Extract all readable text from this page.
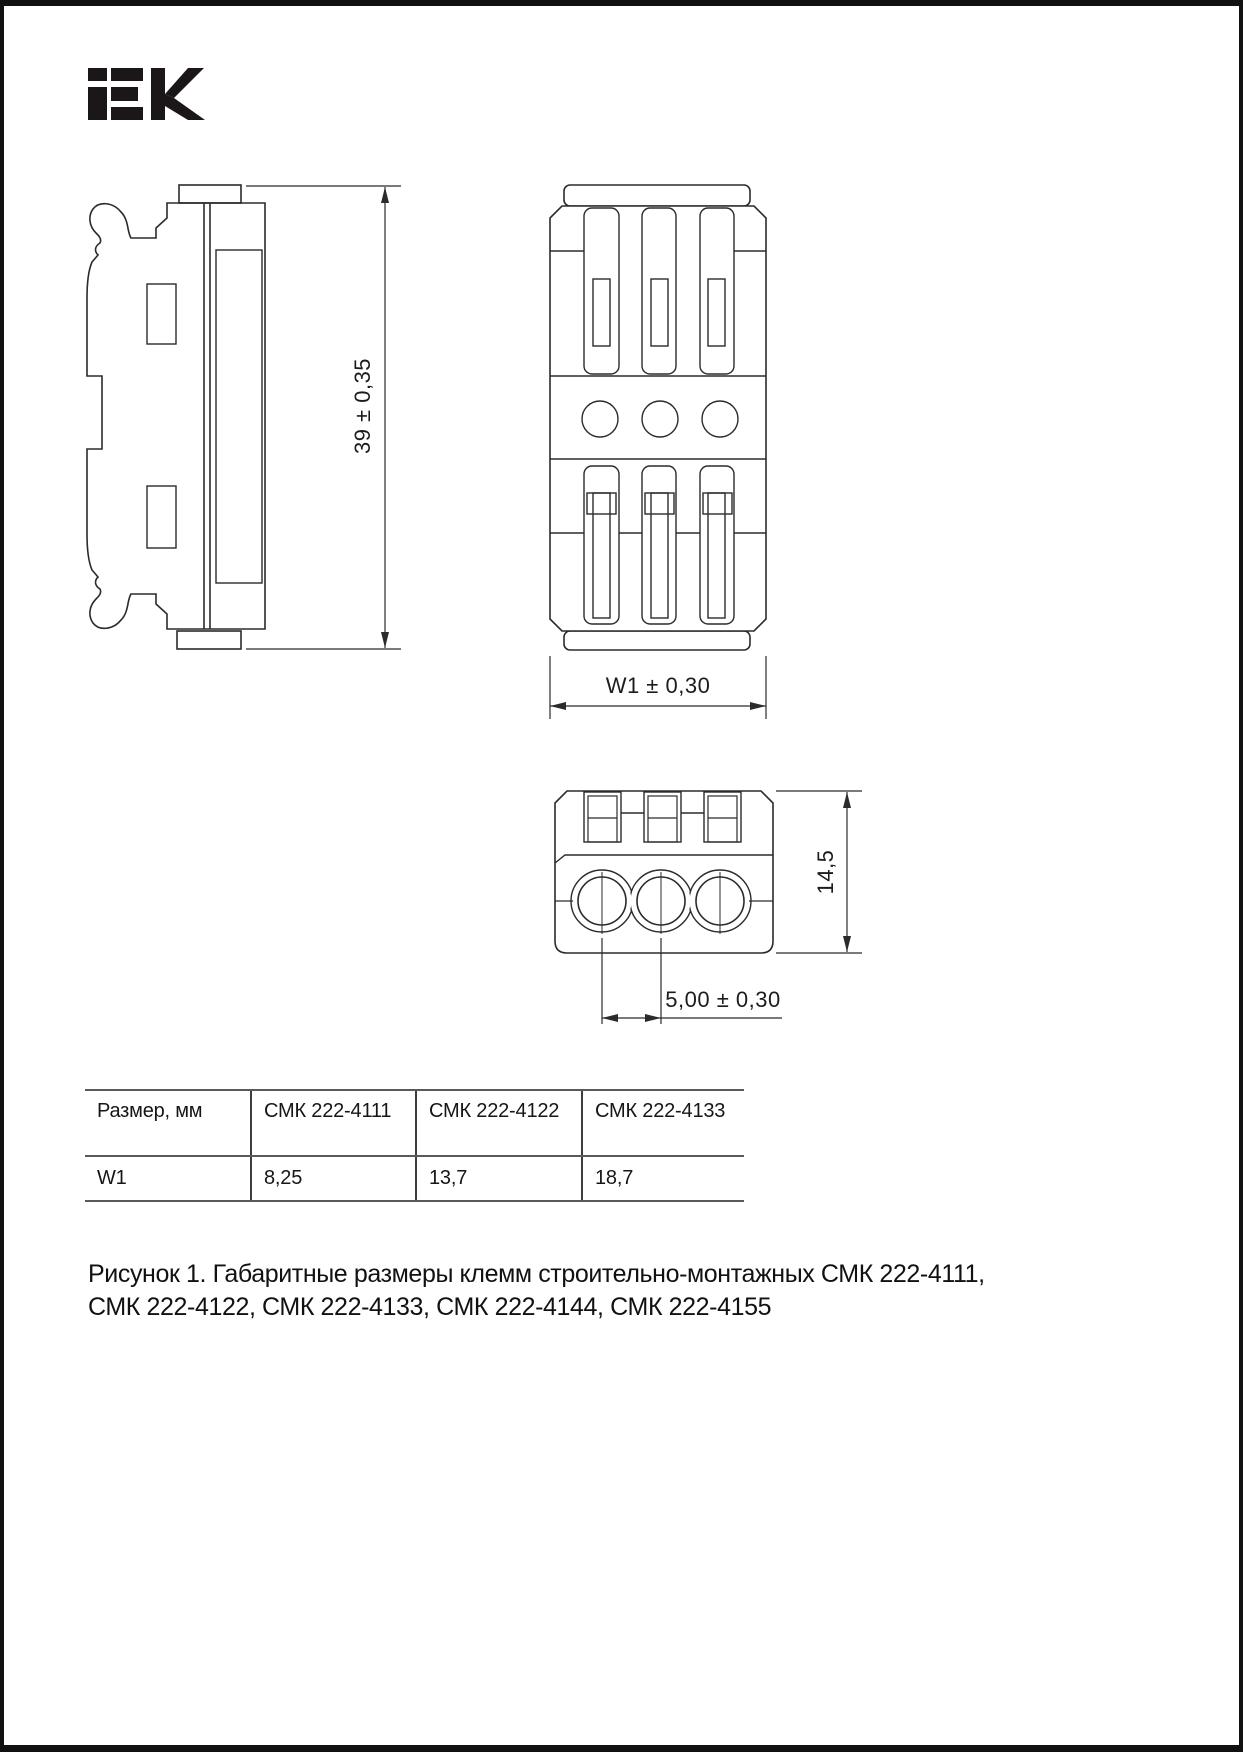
39 ± 0,35
W1 ± 0,30
14,5
5,00 ± 0,30
Размер, мм	СМК 222-4111	СМК 222-4122	СМК 222-4133
W1	8,25	13,7	18,7
Рисунок 1. Габаритные размеры клемм строительно-монтажных СМК 222-4111,
СМК 222-4122, СМК 222-4133, СМК 222-4144, СМК 222-4155
